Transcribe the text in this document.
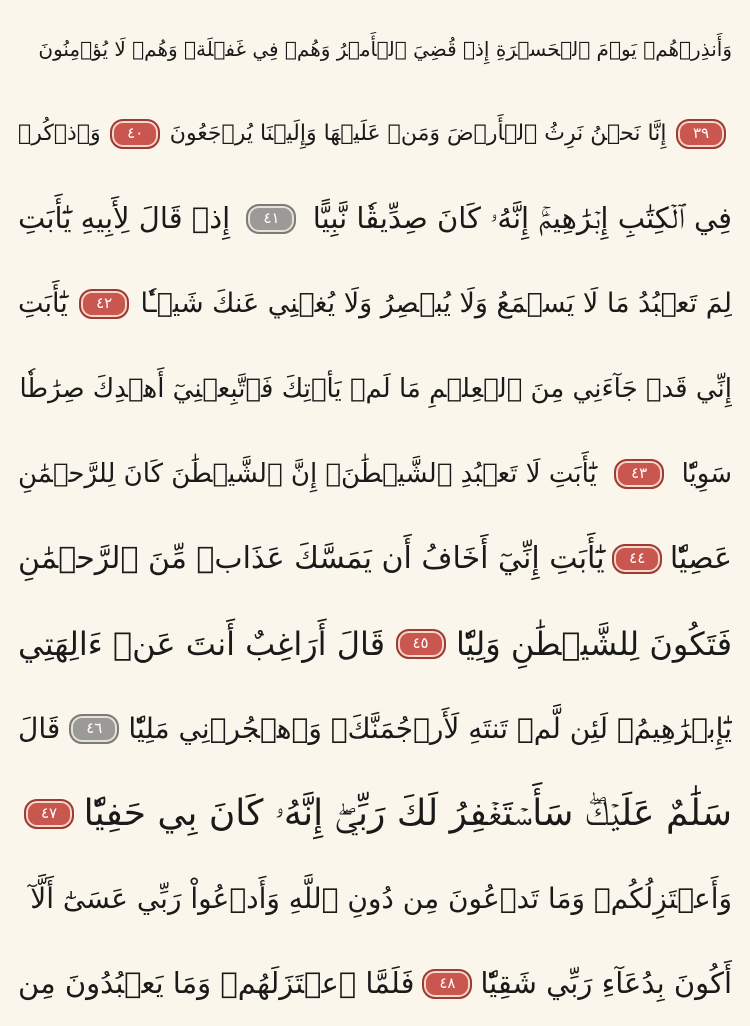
وَأَنذِرۡهُمۡ يَوۡمَ ٱلۡحَسۡرَةِ إِذۡ قُضِيَ ٱلۡأَمۡرُ وَهُمۡ فِي غَفۡلَةٖ وَهُمۡ لَا يُؤۡمِنُونَ
٣٩
إِنَّا نَحۡنُ نَرِثُ ٱلۡأَرۡضَ وَمَنۡ عَلَيۡهَا وَإِلَيۡنَا يُرۡجَعُونَ
٤٠
وَٱذۡكُرۡ
فِي ٱلۡكِتَٰبِ إِبۡرَٰهِيمَۚ إِنَّهُۥ كَانَ صِدِّيقٗا نَّبِيًّا
٤١
إِذۡ قَالَ لِأَبِيهِ يَٰٓأَبَتِ
لِمَ تَعۡبُدُ مَا لَا يَسۡمَعُ وَلَا يُبۡصِرُ وَلَا يُغۡنِي عَنكَ شَيۡـٔٗا
٤٢
يَٰٓأَبَتِ
إِنِّي قَدۡ جَآءَنِي مِنَ ٱلۡعِلۡمِ مَا لَمۡ يَأۡتِكَ فَٱتَّبِعۡنِيٓ أَهۡدِكَ صِرَٰطٗا
سَوِيّٗا
٤٣
يَٰٓأَبَتِ لَا تَعۡبُدِ ٱلشَّيۡطَٰنَۖ إِنَّ ٱلشَّيۡطَٰنَ كَانَ لِلرَّحۡمَٰنِ
عَصِيّٗا
٤٤
يَٰٓأَبَتِ إِنِّيٓ أَخَافُ أَن يَمَسَّكَ عَذَابٞ مِّنَ ٱلرَّحۡمَٰنِ
فَتَكُونَ لِلشَّيۡطَٰنِ وَلِيّٗا
٤٥
قَالَ أَرَاغِبٌ أَنتَ عَنۡ ءَالِهَتِي
يَٰٓإِبۡرَٰهِيمُۖ لَئِن لَّمۡ تَنتَهِ لَأَرۡجُمَنَّكَۖ وَٱهۡجُرۡنِي مَلِيّٗا
٤٦
قَالَ
سَلَٰمٌ عَلَيۡكَۖ سَأَسۡتَغۡفِرُ لَكَ رَبِّيٓۖ إِنَّهُۥ كَانَ بِي حَفِيّٗا
٤٧
وَأَعۡتَزِلُكُمۡ وَمَا تَدۡعُونَ مِن دُونِ ٱللَّهِ وَأَدۡعُواْ رَبِّي عَسَىٰٓ أَلَّآ
أَكُونَ بِدُعَآءِ رَبِّي شَقِيّٗا
٤٨
فَلَمَّا ٱعۡتَزَلَهُمۡ وَمَا يَعۡبُدُونَ مِن
